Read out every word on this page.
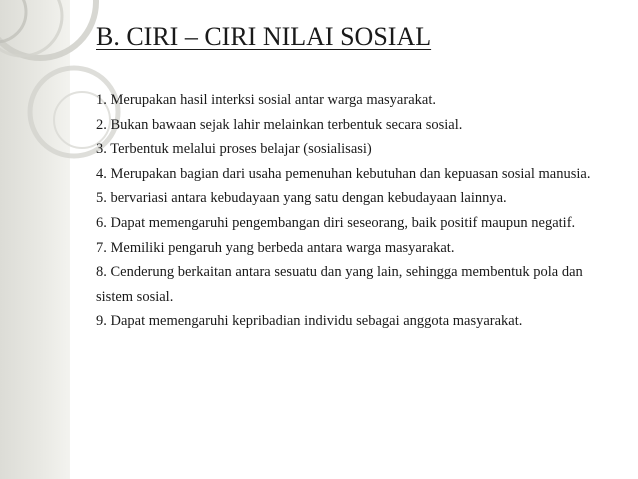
B. CIRI – CIRI NILAI SOSIAL
1. Merupakan hasil interksi sosial antar warga masyarakat.
2. Bukan bawaan sejak lahir melainkan terbentuk secara sosial.
3. Terbentuk melalui proses belajar (sosialisasi)
4. Merupakan bagian dari usaha pemenuhan kebutuhan dan kepuasan sosial manusia.
5. bervariasi antara kebudayaan yang satu dengan kebudayaan lainnya.
6. Dapat memengaruhi pengembangan diri seseorang, baik positif maupun negatif.
7. Memiliki pengaruh yang berbeda antara warga masyarakat.
8. Cenderung berkaitan antara sesuatu dan yang lain, sehingga membentuk pola dan sistem sosial.
9. Dapat memengaruhi kepribadian individu sebagai anggota masyarakat.
